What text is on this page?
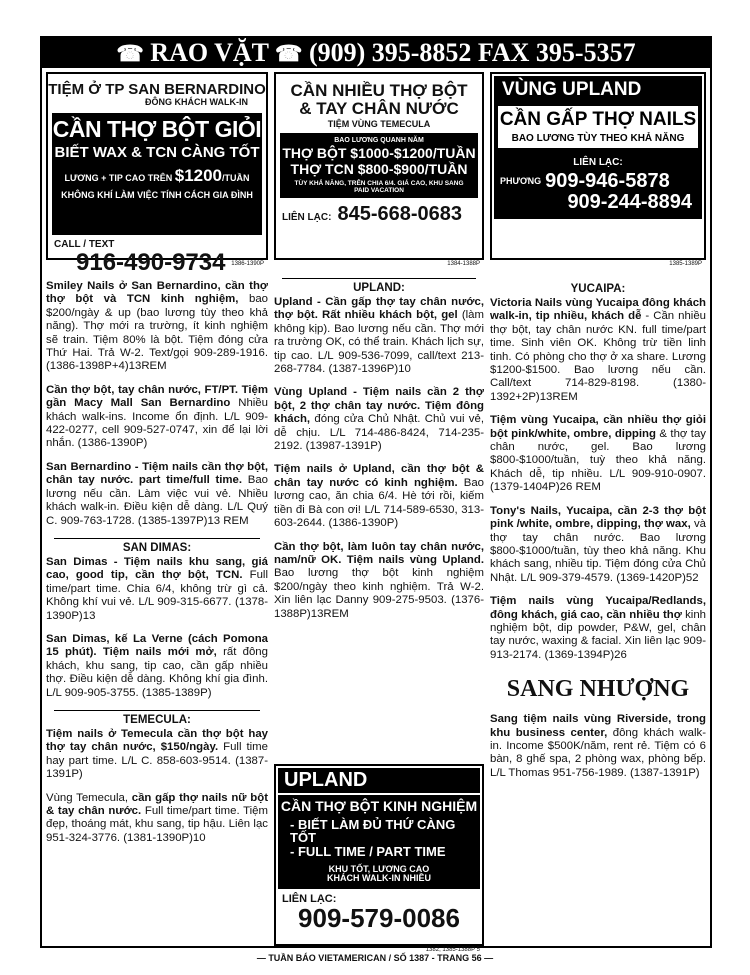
☎ RAO VẶT ☎ (909) 395-8852 FAX 395-5357
TIỆM Ở TP SAN BERNARDINO
ĐÔNG KHÁCH WALK-IN
CẦN THỢ BỘT GIỎI
BIẾT WAX & TCN CÀNG TỐT
LƯƠNG + TIP CAO TRÊN $1200/TUẦN
KHÔNG KHÍ LÀM VIỆC TÍNH CÁCH GIA ĐÌNH
CALL / TEXT
916-490-9734 1386-1390P

Smiley Nails ở San Bernardino, cần thợ thợ bột và TCN kinh nghiệm, bao $200/ngày & up (bao lương tùy theo khả năng). Thợ mới ra trường, ít kinh nghiệm sẽ train. Tiệm 80% là bột. Tiệm đóng cửa Thứ Hai. Trả W-2. Text/gọi 909-289-1916. (1386-1398P+4)13REM

Cần thợ bột, tay chân nước, FT/PT. Tiệm gần Macy Mall San Bernardino Nhiều khách walk-ins. Income ổn định. L/L 909-422-0277, cell 909-527-0747, xin để lại lời nhắn. (1386-1390P)

San Bernardino - Tiệm nails cần thợ bột, chân tay nước. part time/full time. Bao lương nếu cần. Làm việc vui vẻ. Nhiều khách walk-in. Điều kiện dễ dàng. L/L Quý C. 909-763-1728. (1385-1397P)13 REM

SAN DIMAS:

San Dimas - Tiệm nails khu sang, giá cao, good tip, cần thợ bột, TCN. Full time/part time. Chia 6/4, không trừ gì cả. Không khí vui vẻ. L/L 909-315-6677. (1378-1390P)13

San Dimas, kế La Verne (cách Pomona 15 phút). Tiệm nails mới mở, rất đông khách, khu sang, tip cao, cần gấp nhiều thợ. Điều kiện dễ dàng. Không khí gia đình. L/L 909-905-3755. (1385-1389P)

TEMECULA:

Tiệm nails ở Temecula cần thợ bột hay thợ tay chân nước, $150/ngày. Full time hay part time. L/L C. 858-603-9514. (1387-1391P)

Vùng Temecula, cần gấp thợ nails nữ bột & tay chân nước. Full time/part time. Tiệm đẹp, thoáng mát, khu sang, tip hậu. Liên lạc 951-324-3776. (1381-1390P)10

CẦN NHIỀU THỢ BỘT
& TAY CHÂN NƯỚC
TIỆM VÙNG TEMECULA
BAO LƯƠNG QUANH NĂM
THỢ BỘT $1000-$1200/TUẦN
THỢ TCN $800-$900/TUẦN
TÙY KHẢ NĂNG, TRÊN CHIA 6/4. GIÁ CAO, KHU SANG
PAID VACATION
LIÊN LẠC: 845-668-0683
1384-1388P
UPLAND:

Upland - Cần gấp thợ tay chân nước, thợ bột. Rất nhiều khách bột, gel (làm không kịp). Bao lương nếu cần. Thợ mới ra trường OK, có thể train. Khách lịch sự, tip cao. L/L 909-536-7099, call/text 213-268-7784. (1387-1396P)10

Vùng Upland - Tiệm nails cần 2 thợ bột, 2 thợ chân tay nước. Tiệm đông khách, đóng cửa Chủ Nhật. Chủ vui vẻ, dễ chịu. L/L 714-486-8424, 714-235-2192. (13987-1391P)

Tiệm nails ở Upland, cần thợ bột & chân tay nước có kinh nghiệm. Bao lương cao, ăn chia 6/4. Hè tới rồi, kiếm tiền đi Bà con ơi! L/L 714-589-6530, 313-603-2644. (1386-1390P)

Cần thợ bột, làm luôn tay chân nước, nam/nữ OK. Tiệm nails vùng Upland. Bao lương thợ bột kinh nghiệm $200/ngày theo kinh nghiệm. Trả W-2. Xin liên lạc Danny 909-275-9503. (1376-1388P)13REM

UPLAND
CẦN THỢ BỘT KINH NGHIỆM
- BIẾT LÀM ĐỦ THỨ CÀNG TỐT
- FULL TIME / PART TIME
KHU TỐT, LƯƠNG CAO
KHÁCH WALK-IN NHIỀU
LIÊN LẠC:
909-579-0086
1382, 1385-1388P 5
VÙNG UPLAND
CẦN GẤP THỢ NAILS
BAO LƯƠNG TÙY THEO KHẢ NĂNG
LIÊN LẠC:
PHƯƠNG 909-946-5878
909-244-8894
1385-1389P
YUCAIPA:

Victoria Nails vùng Yucaipa đông khách walk-in, tip nhiều, khách dễ - Cần nhiều thợ bột, tay chân nước KN. full time/part time. Sinh viên OK. Không trừ tiền linh tinh. Có phòng cho thợ ở xa share. Lương $1200-$1500. Bao lương nếu cần. Call/text 714-829-8198. (1380-1392+2P)13REM

Tiệm vùng Yucaipa, cần nhiều thợ giỏi bột pink/white, ombre, dipping & thợ tay chân nước, gel. Bao lương $800-$1000/tuần, tuỳ theo khả năng. Khách dễ, tip nhiều. L/L 909-910-0907. (1379-1404P)26 REM

Tony's Nails, Yucaipa, cần 2-3 thợ bột pink /white, ombre, dipping, thợ wax, và thợ tay chân nước. Bao lương $800-$1000/tuần, tùy theo khả năng. Khu khách sang, nhiều tip. Tiệm đóng cửa Chủ Nhật. L/L 909-379-4579. (1369-1420P)52

Tiệm nails vùng Yucaipa/Redlands, đông khách, giá cao, cần nhiều thợ kinh nghiệm bột, dip powder, P&W, gel, chân tay nước, waxing & facial. Xin liên lạc 909-913-2174. (1369-1394P)26

SANG NHƯỢNG

Sang tiệm nails vùng Riverside, trong khu business center, đông khách walk-in. Income $500K/năm, rent rẻ. Tiệm có 6 bàn, 8 ghế spa, 2 phòng wax, phòng bếp. L/L Thomas 951-756-1989. (1387-1391P)

— TUẦN BÁO VIETAMERICAN / SỐ 1387 - TRANG 56 —
